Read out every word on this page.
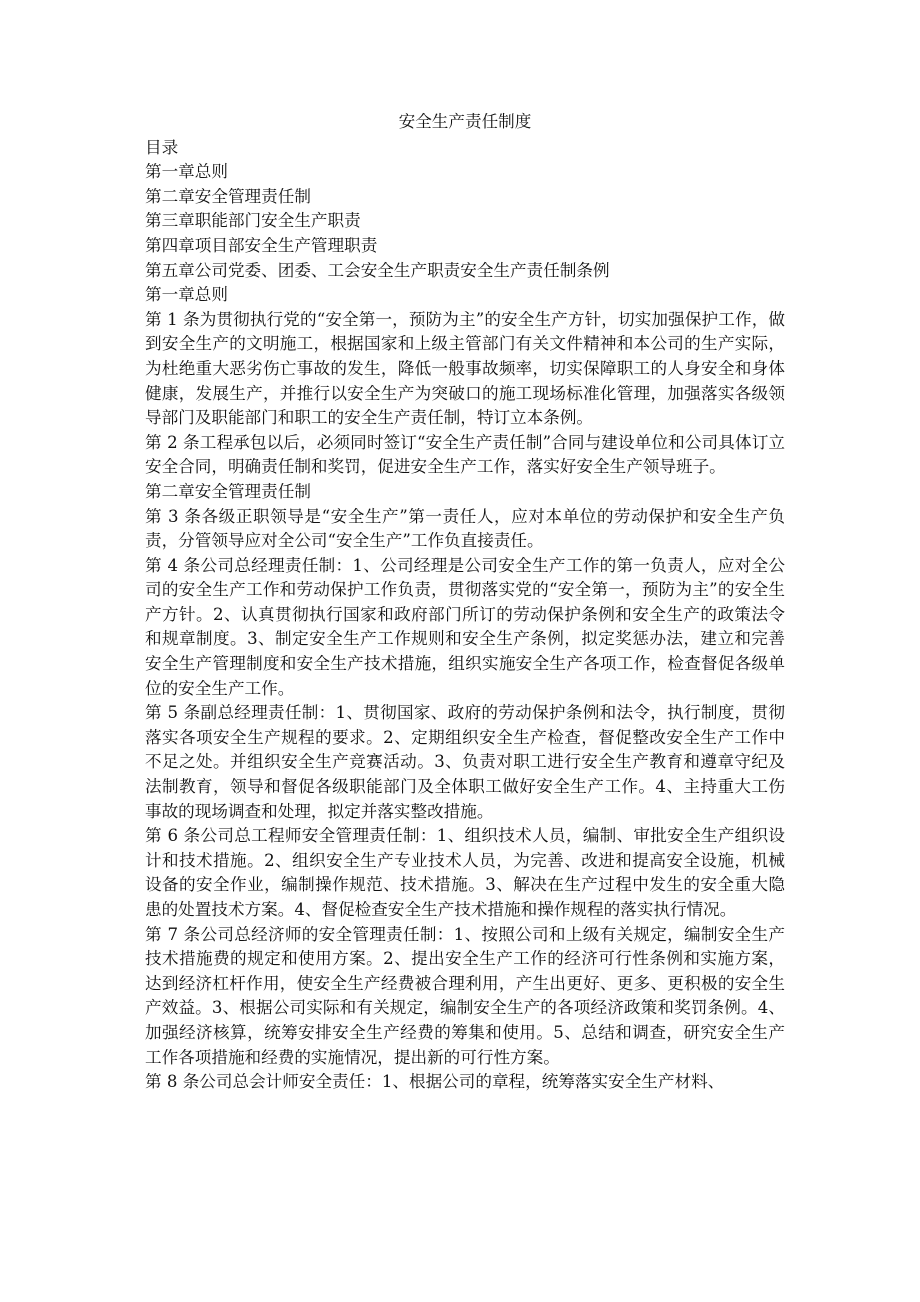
安全生产责任制度

目录

第一章总则

第二章安全管理责任制

第三章职能部门安全生产职责

第四章项目部安全生产管理职责

第五章公司党委、团委、工会安全生产职责安全生产责任制条例

第一章总则

第 1 条为贯彻执行党的“安全第一，预防为主”的安全生产方针，切实加强保护工作，做到安全生产的文明施工，根据国家和上级主管部门有关文件精神和本公司的生产实际，为杜绝重大恶劣伤亡事故的发生，降低一般事故频率，切实保障职工的人身安全和身体健康，发展生产，并推行以安全生产为突破口的施工现场标准化管理，加强落实各级领导部门及职能部门和职工的安全生产责任制，特订立本条例。

第 2 条工程承包以后，必须同时签订“安全生产责任制”合同与建设单位和公司具体订立安全合同，明确责任制和奖罚，促进安全生产工作，落实好安全生产领导班子。

第二章安全管理责任制

第 3 条各级正职领导是“安全生产”第一责任人，应对本单位的劳动保护和安全生产负责，分管领导应对全公司“安全生产”工作负直接责任。

第 4 条公司总经理责任制：1、公司经理是公司安全生产工作的第一负责人，应对全公司的安全生产工作和劳动保护工作负责，贯彻落实党的“安全第一，预防为主”的安全生产方针。2、认真贯彻执行国家和政府部门所订的劳动保护条例和安全生产的政策法令和规章制度。3、制定安全生产工作规则和安全生产条例，拟定奖惩办法，建立和完善安全生产管理制度和安全生产技术措施，组织实施安全生产各项工作，检查督促各级单位的安全生产工作。

第 5 条副总经理责任制：1、贯彻国家、政府的劳动保护条例和法令，执行制度，贯彻落实各项安全生产规程的要求。2、定期组织安全生产检查，督促整改安全生产工作中不足之处。并组织安全生产竞赛活动。3、负责对职工进行安全生产教育和遵章守纪及法制教育，领导和督促各级职能部门及全体职工做好安全生产工作。4、主持重大工伤事故的现场调查和处理，拟定并落实整改措施。

第 6 条公司总工程师安全管理责任制：1、组织技术人员，编制、审批安全生产组织设计和技术措施。2、组织安全生产专业技术人员，为完善、改进和提高安全设施，机械设备的安全作业，编制操作规范、技术措施。3、解决在生产过程中发生的安全重大隐患的处置技术方案。4、督促检查安全生产技术措施和操作规程的落实执行情况。

第 7 条公司总经济师的安全管理责任制：1、按照公司和上级有关规定，编制安全生产技术措施费的规定和使用方案。2、提出安全生产工作的经济可行性条例和实施方案，达到经济杠杆作用，使安全生产经费被合理利用，产生出更好、更多、更积极的安全生产效益。3、根据公司实际和有关规定，编制安全生产的各项经济政策和奖罚条例。4、加强经济核算，统筹安排安全生产经费的筹集和使用。5、总结和调查，研究安全生产工作各项措施和经费的实施情况，提出新的可行性方案。

第 8 条公司总会计师安全责任：1、根据公司的章程，统筹落实安全生产材料、
